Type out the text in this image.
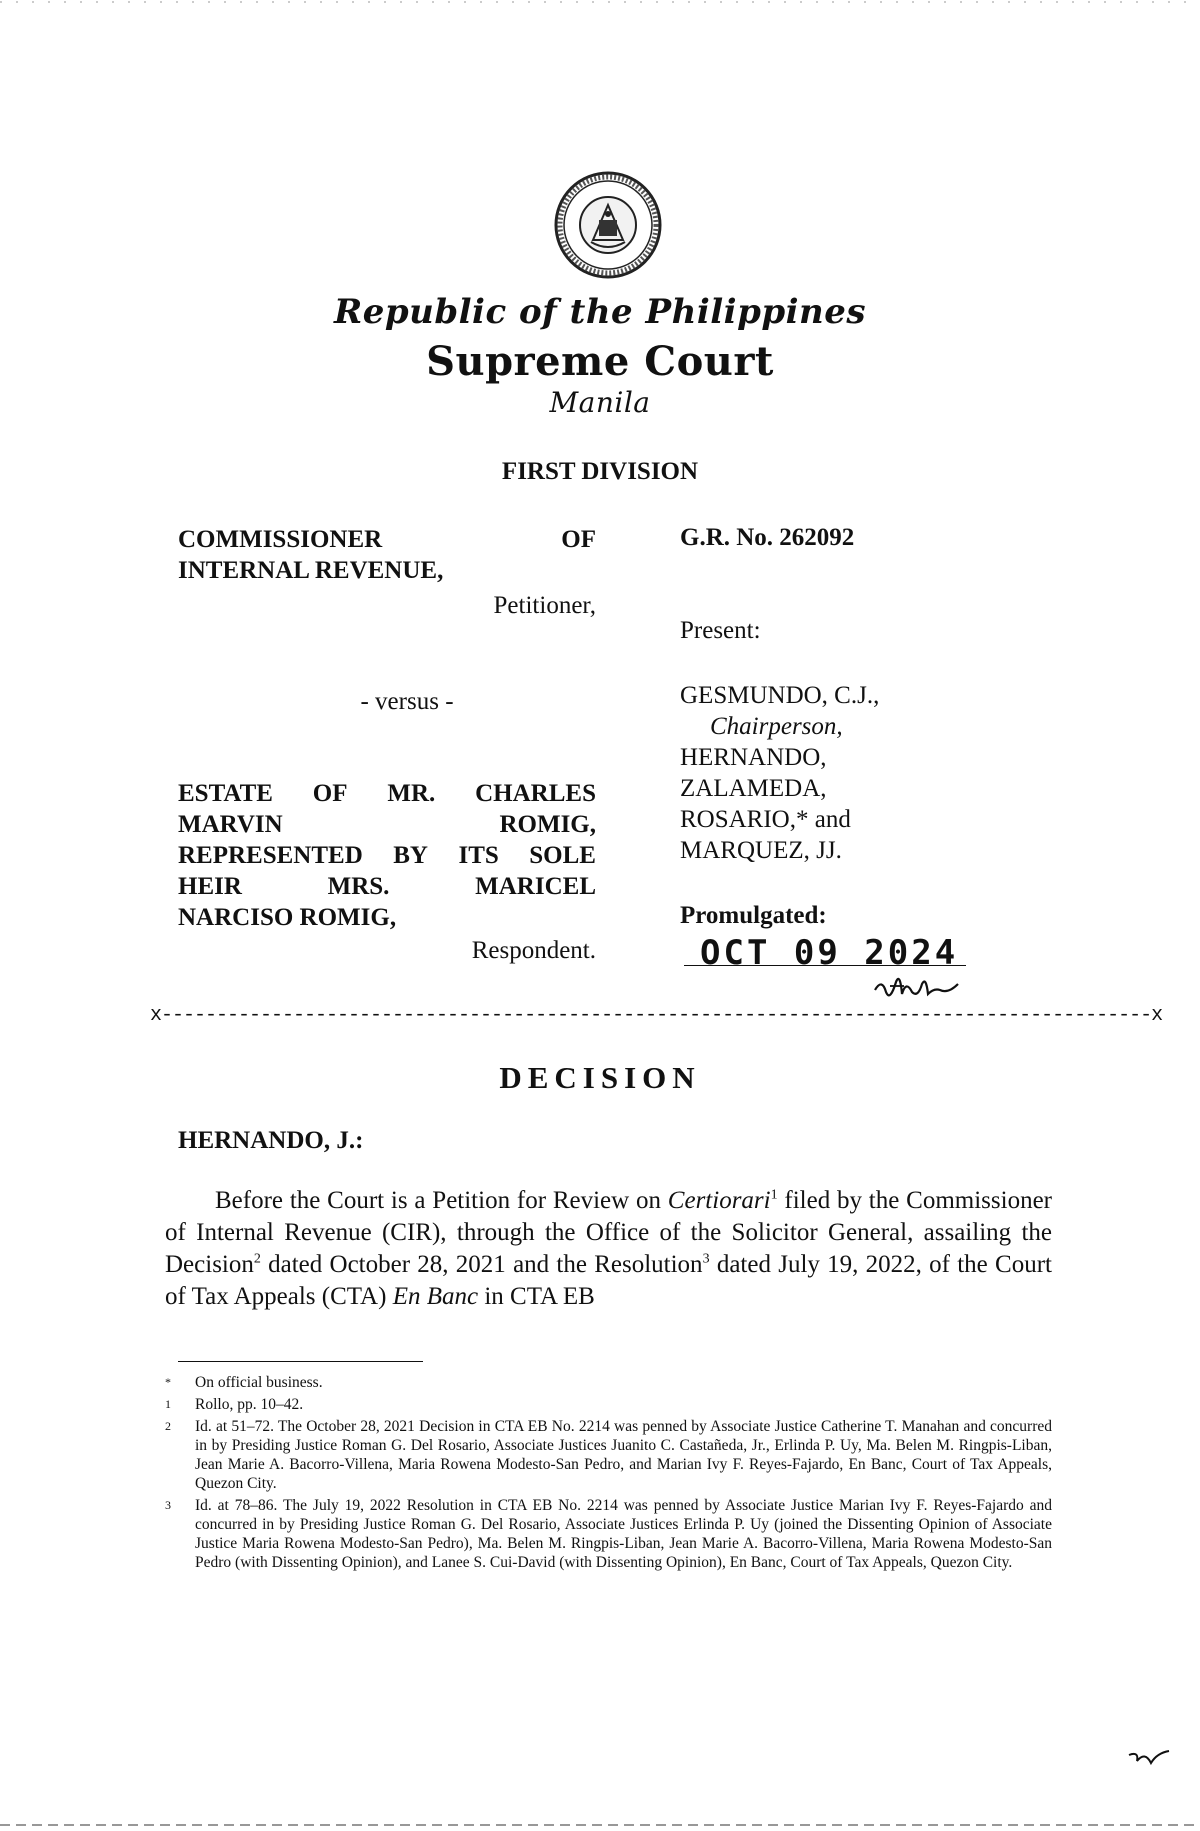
Republic of the Philippines
Supreme Court
Manila
FIRST DIVISION
COMMISSIONER	OF
INTERNAL REVENUE,
Petitioner,
- versus -
ESTATE OF MR. CHARLES
MARVIN	ROMIG,
REPRESENTED BY ITS SOLE
HEIR	MRS.	MARICEL
NARCISO ROMIG,
Respondent.
G.R. No. 262092
Present:
GESMUNDO, C.J.,
Chairperson,
HERNANDO,
ZALAMEDA,
ROSARIO,* and
MARQUEZ, JJ.
Promulgated:
OCT 09 2024
x------------------------------------------------------------------------------------------x
DECISION
HERNANDO, J.:
Before the Court is a Petition for Review on Certiorari$^1$ filed by the Commissioner of Internal Revenue (CIR), through the Office of the Solicitor General, assailing the Decision$^2$ dated October 28, 2021 and the Resolution$^3$ dated July 19, 2022, of the Court of Tax Appeals (CTA) En Banc in CTA EB
*	On official business.
1	Rollo, pp. 10–42.
2	Id. at 51–72. The October 28, 2021 Decision in CTA EB No. 2214 was penned by Associate Justice Catherine T. Manahan and concurred in by Presiding Justice Roman G. Del Rosario, Associate Justices Juanito C. Castañeda, Jr., Erlinda P. Uy, Ma. Belen M. Ringpis-Liban, Jean Marie A. Bacorro-Villena, Maria Rowena Modesto-San Pedro, and Marian Ivy F. Reyes-Fajardo, En Banc, Court of Tax Appeals, Quezon City.
3	Id. at 78–86. The July 19, 2022 Resolution in CTA EB No. 2214 was penned by Associate Justice Marian Ivy F. Reyes-Fajardo and concurred in by Presiding Justice Roman G. Del Rosario, Associate Justices Erlinda P. Uy (joined the Dissenting Opinion of Associate Justice Maria Rowena Modesto-San Pedro), Ma. Belen M. Ringpis-Liban, Jean Marie A. Bacorro-Villena, Maria Rowena Modesto-San Pedro (with Dissenting Opinion), and Lanee S. Cui-David (with Dissenting Opinion), En Banc, Court of Tax Appeals, Quezon City.
